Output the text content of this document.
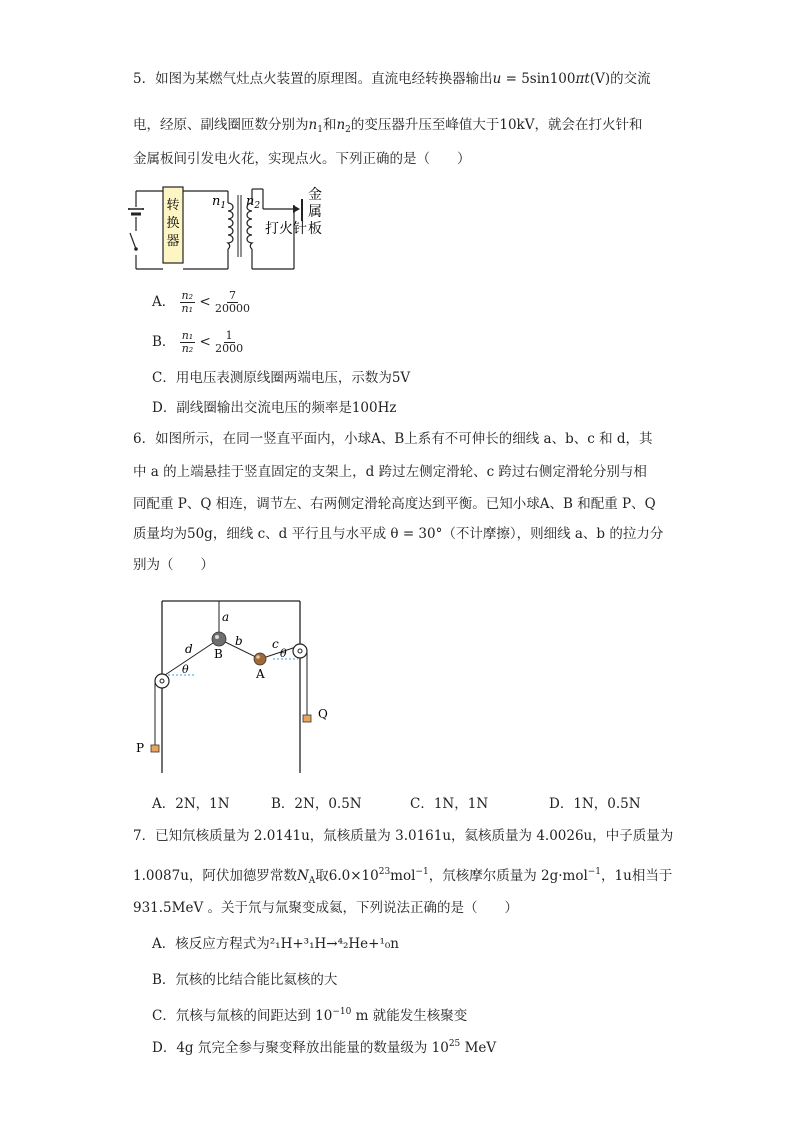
5．如图为某燃气灶点火装置的原理图。直流电经转换器输出u = 5sin100πt(V)的交流
电，经原、副线圈匝数分别为$n_1$和$n_2$的变压器升压至峰值大于10kV，就会在打火针和
金属板间引发电火花，实现点火。下列正确的是（　　）
转
换
器
$n_1$ $n_2$
打火针
金
属
板
A． $\frac{\text{n₂}}{\text{n₁}} < \frac{7}{20000}$
B． $\frac{\text{n₁}}{\text{n₂}} < \frac{1}{2000}$
C．用电压表测原线圈两端电压，示数为5V
D．副线圈输出交流电压的频率是100Hz
6．如图所示，在同一竖直平面内，小球A、B上系有不可伸长的细线 a、b、c 和 d，其
中 a 的上端悬挂于竖直固定的支架上，d 跨过左侧定滑轮、c 跨过右侧定滑轮分别与相
同配重 P、Q 相连，调节左、右两侧定滑轮高度达到平衡。已知小球A、B 和配重 P、Q
质量均为50g，细线 c、d 平行且与水平成 θ = 30°（不计摩擦），则细线 a、b 的拉力分
别为（　　）
a
d
b c
θ
θ
B
A
P
Q
A．2N，1N	B．2N，0.5N	C．1N，1N	D．1N，0.5N
7．已知氘核质量为 2.0141u，氚核质量为 3.0161u，氦核质量为 4.0026u，中子质量为
1.0087u，阿伏加德罗常数$N_A$取$6.0\times 10^{23}mol^{-1}$，氘核摩尔质量为 2g·mol$^{-1}$，1u相当于
931.5MeV 。关于氘与氚聚变成氦，下列说法正确的是（　　）
A．核反应方程式为²₁H+³₁H→⁴₂He+¹₀n
B．氘核的比结合能比氦核的大
C．氘核与氚核的间距达到 $10^{-10}$ m 就能发生核聚变
D．4g 氘完全参与聚变释放出能量的数量级为 $10^{25}$ MeV
